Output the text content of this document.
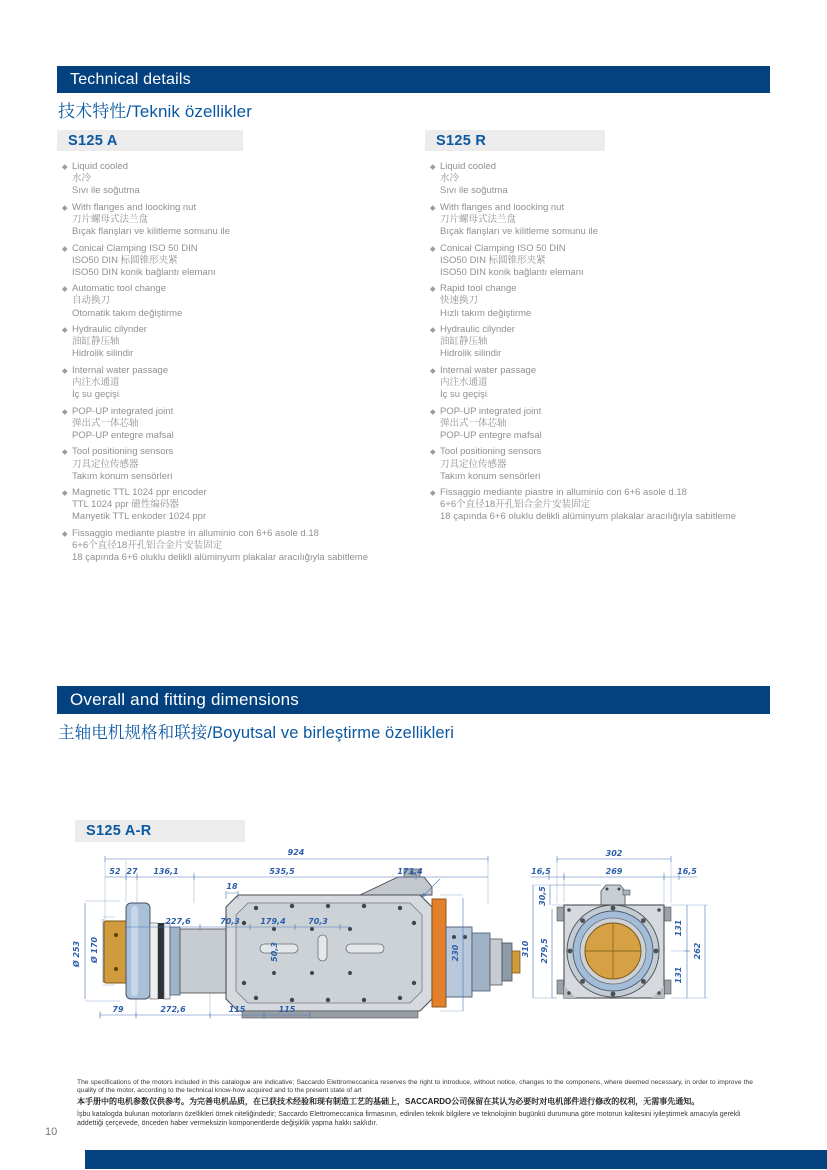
Technical details
技术特性/Teknik özellikler
S125 A	S125 R
Liquid cooled
水冷
Sıvı ile soğutma
With flanges and loocking nut
刀片螺母式法兰盘
Bıçak flanşları ve kilitleme somunu ile
Conical Clamping ISO 50 DIN
ISO50 DIN 标圆锥形夹紧
ISO50 DIN konik bağlantı elemanı
Automatic tool change
自动换刀
Otomatik takım değiştirme
Hydraulic cilynder
油缸静压轴
Hidrolik silindir
Internal water passage
内注水通道
İç su geçişi
POP-UP integrated joint
弹出式一体芯轴
POP-UP entegre mafsal
Tool positioning sensors
刀具定位传感器
Takım konum sensörleri
Magnetic TTL 1024 ppr encoder
TTL 1024 ppr 磁性编码器
Manyetik TTL enkoder 1024 ppr
Fissaggio mediante piastre in alluminio con 6+6 asole d.18
6+6个直径18开孔铝合金片安装固定
18 çapında 6+6 oluklu delikli alüminyum plakalar aracılığıyla sabitleme
Liquid cooled
水冷
Sıvı ile soğutma
With flanges and loocking nut
刀片螺母式法兰盘
Bıçak flanşları ve kilitleme somunu ile
Conical Clamping ISO 50 DIN
ISO50 DIN 标圆锥形夹紧
ISO50 DIN konik bağlantı elemanı
Rapid tool change
快速换刀
Hızlı takım değiştirme
Hydraulic cilynder
油缸静压轴
Hidrolik silindir
Internal water passage
内注水通道
İç su geçişi
POP-UP integrated joint
弹出式一体芯轴
POP-UP entegre mafsal
Tool positioning sensors
刀具定位传感器
Takım konum sensörleri
Fissaggio mediante piastre in alluminio con 6+6 asole d.18
6+6个直径18开孔铝合金片安装固定
18 çapında 6+6 oluklu delikli alüminyum plakalar aracılığıyla sabitleme
Overall and fitting dimensions
主轴电机规格和联接/Boyutsal ve birleştirme özellikleri
S125 A-R
924
52 27 136,1	535,5	173,4
18
227,6	70,3	179,4	70,3
50,3	230
Ø 253 Ø 170
79	272,6	115	115
302
16,5	269	16,5
30,5
310 279,5
131
131
262
The specifications of the motors included in this catalogue are indicative; Saccardo Elettromeccanica reserves the right to introduce, without notice, changes to the componens, where deemed necessary, in order to improve the quality of the motor, according to the technical know-how acquired and to the present state of art
本手册中的电机参数仅供参考。为完善电机品质，在已获技术经验和现有制造工艺的基础上，SACCARDO公司保留在其认为必要时对电机部件进行修改的权利，无需事先通知。
İşbu katalogda bulunan motorların özellikleri örnek niteliğindedir; Saccardo Elettromeccanica firmasının, edinilen teknik bilgilere ve teknolojinin bugünkü durumuna göre motorun kalitesini iyileştirmek amacıyla gerekli addettiği çerçevede, önceden haber vermeksizin komponentlerde değişiklik yapma hakkı saklıdır.
10
